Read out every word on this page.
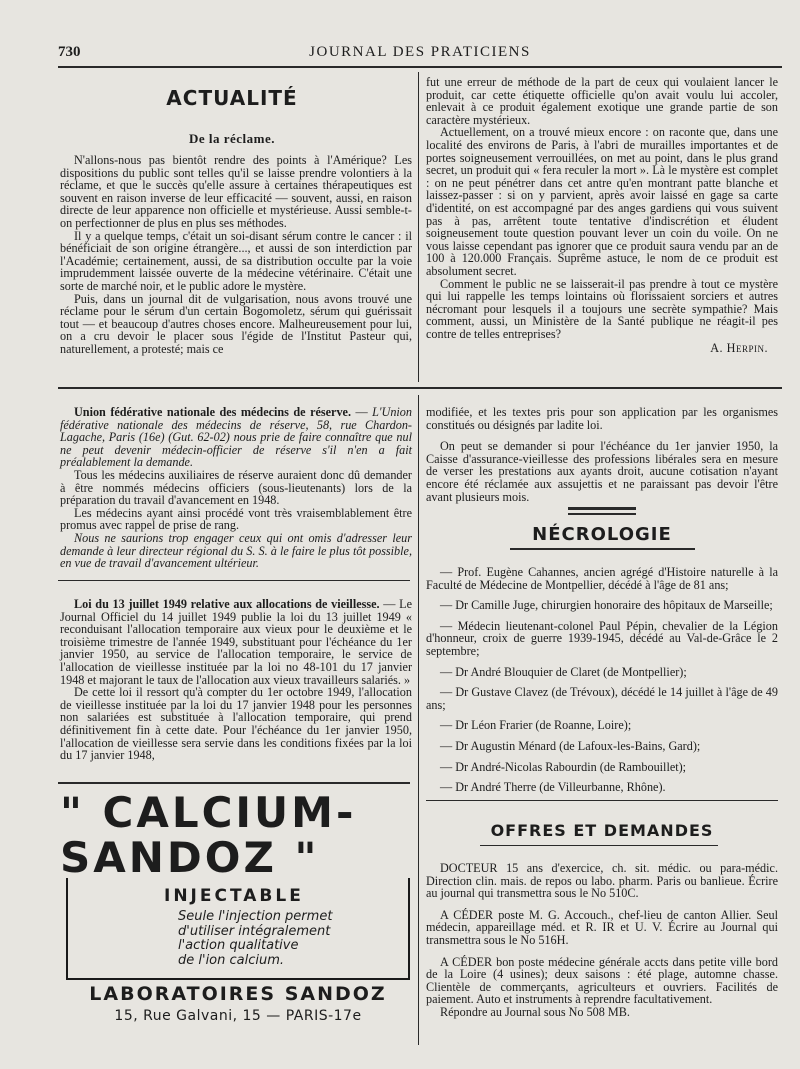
730	JOURNAL DES PRATICIENS
ACTUALITÉ
De la réclame.

N'allons-nous pas bientôt rendre des points à l'Amérique? Les dispositions du public sont telles qu'il se laisse prendre volontiers à la réclame, et que le succès qu'elle assure à certaines thérapeutiques est souvent en raison inverse de leur efficacité — souvent, aussi, en raison directe de leur apparence non officielle et mystérieuse. Aussi semble-t-on perfectionner de plus en plus ses méthodes.

Il y a quelque temps, c'était un soi-disant sérum contre le cancer : il bénéficiait de son origine étrangère..., et aussi de son interdiction par l'Académie; certainement, aussi, de sa distribution occulte par la voie imprudemment laissée ouverte de la médecine vétérinaire. C'était une sorte de marché noir, et le public adore le mystère.

Puis, dans un journal dit de vulgarisation, nous avons trouvé une réclame pour le sérum d'un certain Bogomoletz, sérum qui guérissait tout — et beaucoup d'autres choses encore. Malheureusement pour lui, on a cru devoir le placer sous l'égide de l'Institut Pasteur qui, naturellement, a protesté; mais ce

fut une erreur de méthode de la part de ceux qui voulaient lancer le produit, car cette étiquette officielle qu'on avait voulu lui accoler, enlevait à ce produit également exotique une grande partie de son caractère mystérieux.

Actuellement, on a trouvé mieux encore : on raconte que, dans une localité des environs de Paris, à l'abri de murailles importantes et de portes soigneusement verrouillées, on met au point, dans le plus grand secret, un produit qui « fera reculer la mort ». Là le mystère est complet : on ne peut pénétrer dans cet antre qu'en montrant patte blanche et laissez-passer : si on y parvient, après avoir laissé en gage sa carte d'identité, on est accompagné par des anges gardiens qui vous suivent pas à pas, arrêtent toute tentative d'indiscrétion et éludent soigneusement toute question pouvant lever un coin du voile. On ne vous laisse cependant pas ignorer que ce produit saura vendu par an de 100 à 120.000 Français. Suprême astuce, le nom de ce produit est absolument secret.

Comment le public ne se laisserait-il pas prendre à tout ce mystère qui lui rappelle les temps lointains où florissaient sorciers et autres nécromant pour lesquels il a toujours une secrète sympathie? Mais comment, aussi, un Ministère de la Santé publique ne réagit-il pes contre de telles entreprises?

A. Herpin.

Union fédérative nationale des médecins de réserve. — L'Union fédérative nationale des médecins de réserve, 58, rue Chardon-Lagache, Paris (16e) (Gut. 62-02) nous prie de faire connaître que nul ne peut devenir médecin-officier de réserve s'il n'en a fait préalablement la demande.

Tous les médecins auxiliaires de réserve auraient donc dû demander à être nommés médecins officiers (sous-lieutenants) lors de la préparation du travail d'avancement en 1948.

Les médecins ayant ainsi procédé vont très vraisemblablement être promus avec rappel de prise de rang.

Nous ne saurions trop engager ceux qui ont omis d'adresser leur demande à leur directeur régional du S. S. à le faire le plus tôt possible, en vue de travail d'avancement ultérieur.

Loi du 13 juillet 1949 relative aux allocations de vieillesse. — Le Journal Officiel du 14 juillet 1949 publie la loi du 13 juillet 1949 « reconduisant l'allocation temporaire aux vieux pour le deuxième et le troisième trimestre de l'année 1949, substituant pour l'échéance du 1er janvier 1950, au service de l'allocation temporaire, le service de l'allocation de vieillesse instituée par la loi no 48-101 du 17 janvier 1948 et majorant le taux de l'allocation aux vieux travailleurs salariés. »

De cette loi il ressort qu'à compter du 1er octobre 1949, l'allocation de vieillesse instituée par la loi du 17 janvier 1948 pour les personnes non salariées est substituée à l'allocation temporaire, qui prend définitivement fin à cette date. Pour l'échéance du 1er janvier 1950, l'allocation de vieillesse sera servie dans les conditions fixées par la loi du 17 janvier 1948,

modifiée, et les textes pris pour son application par les organismes constitués ou désignés par ladite loi.

On peut se demander si pour l'échéance du 1er janvier 1950, la Caisse d'assurance-vieillesse des professions libérales sera en mesure de verser les prestations aux ayants droit, aucune cotisation n'ayant encore été réclamée aux assujettis et ne paraissant pas devoir l'être avant plusieurs mois.

NÉCROLOGIE

— Prof. Eugène Cahannes, ancien agrégé d'Histoire naturelle à la Faculté de Médecine de Montpellier, décédé à l'âge de 81 ans;

— Dr Camille Juge, chirurgien honoraire des hôpitaux de Marseille;

— Médecin lieutenant-colonel Paul Pépin, chevalier de la Légion d'honneur, croix de guerre 1939-1945, décédé au Val-de-Grâce le 2 septembre;

— Dr André Blouquier de Claret (de Montpellier);

— Dr Gustave Clavez (de Trévoux), décédé le 14 juillet à l'âge de 49 ans;

— Dr Léon Frarier (de Roanne, Loire);

— Dr Augustin Ménard (de Lafoux-les-Bains, Gard);

— Dr André-Nicolas Rabourdin (de Rambouillet);

— Dr André Therre (de Villeurbanne, Rhône).

OFFRES ET DEMANDES

DOCTEUR 15 ans d'exercice, ch. sit. médic. ou para-médic. Direction clin. mais. de repos ou labo. pharm. Paris ou banlieue. Écrire au journal qui transmettra sous le No 510C.

A CÉDER poste M. G. Accouch., chef-lieu de canton Allier. Seul médecin, appareillage méd. et R. IR et U. V. Écrire au Journal qui transmettra sous le No 516H.

A CÉDER bon poste médecine générale accts dans petite ville bord de la Loire (4 usines); deux saisons : été plage, automne chasse. Clientèle de commerçants, agriculteurs et ouvriers. Facilités de paiement. Auto et instruments à reprendre facultativement.

Répondre au Journal sous No 508 MB.

" CALCIUM-
SANDOZ "
INJECTABLE
Seule l'injection permet
d'utiliser intégralement
l'action qualitative
de l'ion calcium.
LABORATOIRES SANDOZ
15, Rue Galvani, 15 — PARIS-17e
